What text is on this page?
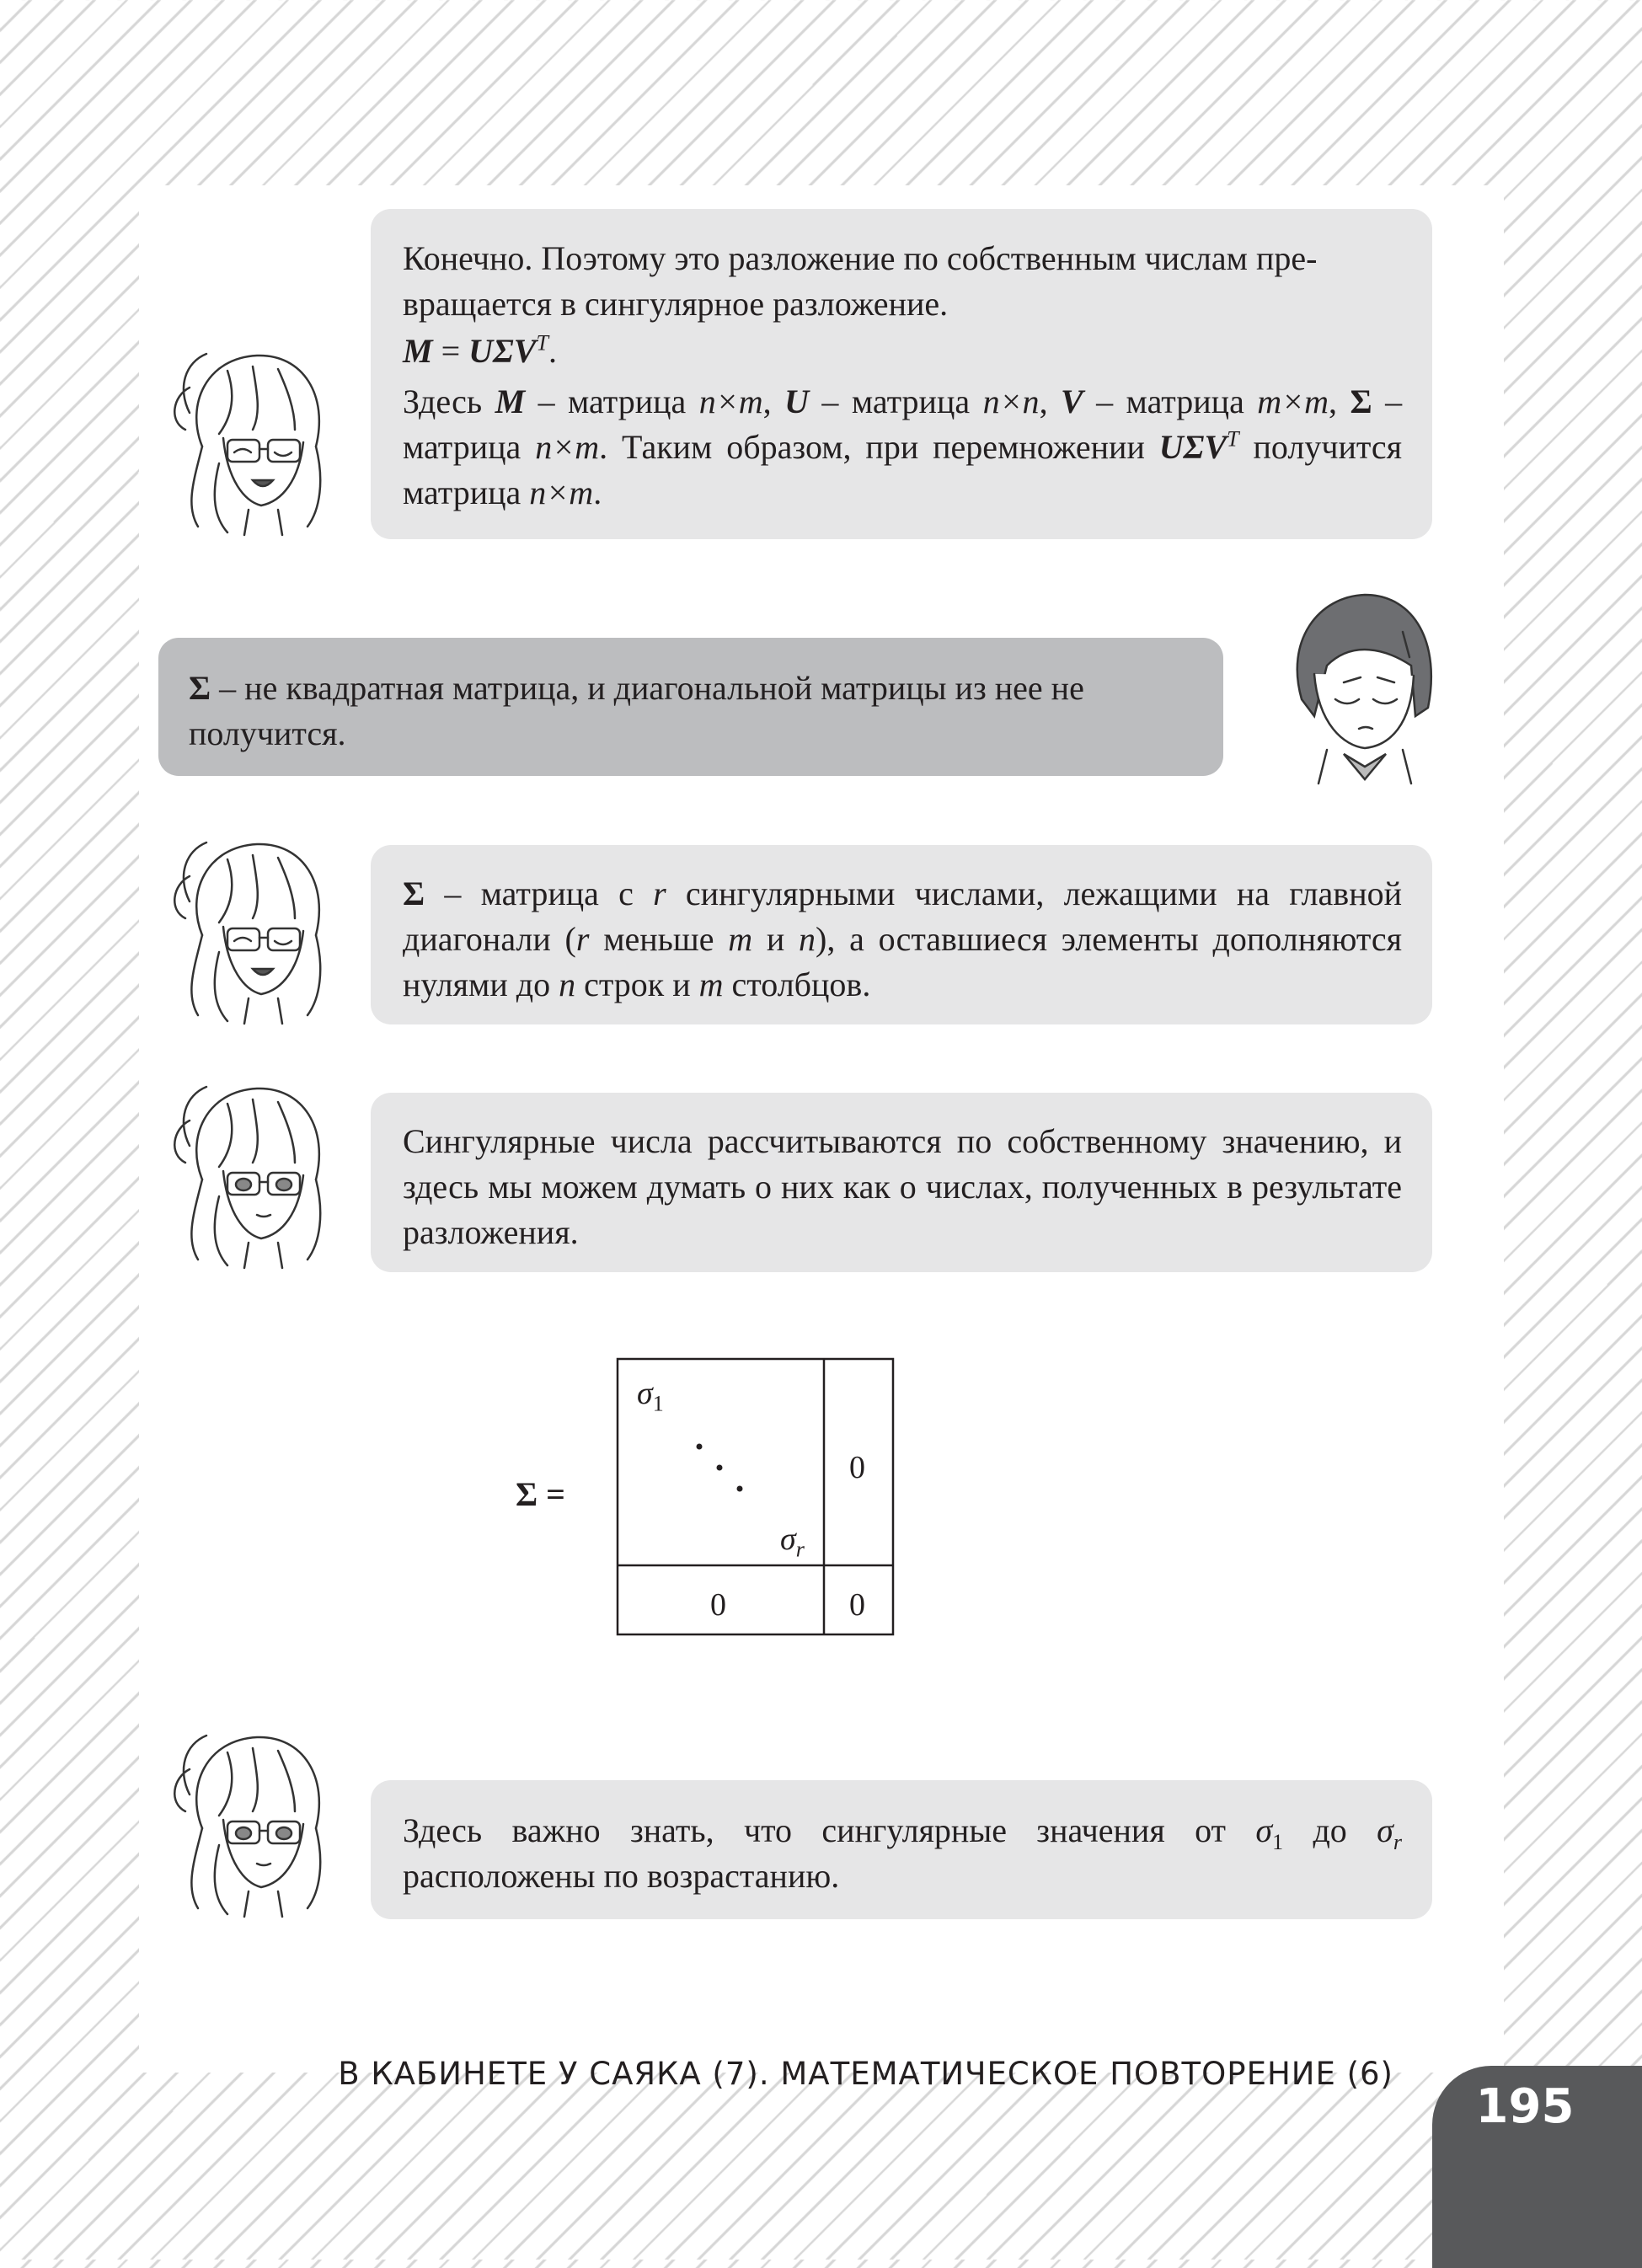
Конечно. Поэтому это разложение по собственным числам пре-

вращается в сингулярное разложение.

$M = U\Sigma V^T$.

Здесь M – матрица n×m, U – матрица n×n, V – матрица m×m, Σ – матрица n×m. Таким образом, при перемножении $U\Sigma V^T$ получится матрица n×m.

Σ – не квадратная матрица, и диагональной матрицы из нее не получится.

Σ – матрица с r сингулярными числами, лежащими на главной диагонали (r меньше m и n), а оставшиеся элементы дополняются нулями до n строк и m столбцов.

Сингулярные числа рассчитываются по собственному значению, и здесь мы можем думать о них как о числах, полученных в результате разложения.

Σ =
$\sigma_1$
$\sigma_r$
0
0	0

Здесь важно знать, что сингулярные значения от $\sigma_1$ до $\sigma_r$ расположены по возрастанию.

В КАБИНЕТЕ У САЯКА (7). МАТЕМАТИЧЕСКОЕ ПОВТОРЕНИЕ (6)
195
